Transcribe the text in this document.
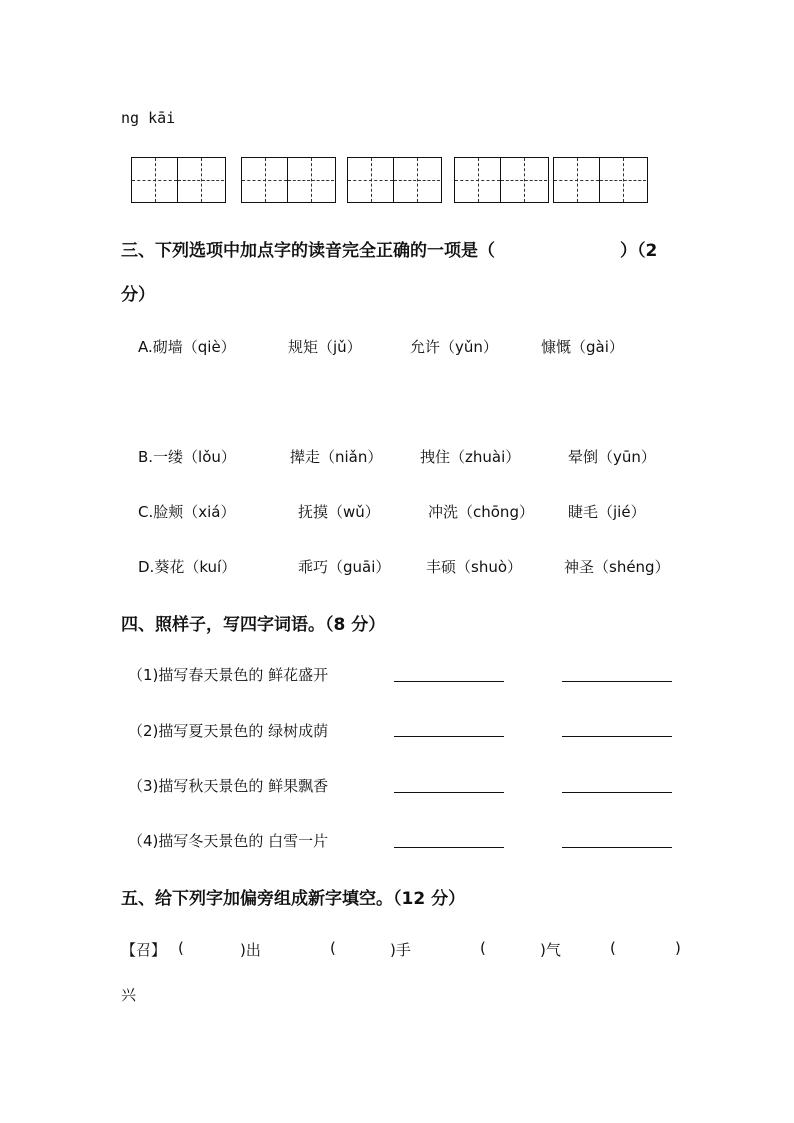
ng kāi
三、下列选项中加点字的读音完全正确的一项是（	）（2
分）
A.砌墙（qiè）	规矩（jǔ）	允许（yǔn）	慷慨（gài）
B.一缕（lǒu）	撵走（niǎn）	拽住（zhuài）	晕倒（yūn）
C.脸颊（xiá）	抚摸（wǔ）	冲洗（chōng） 睫毛（jié）
D.葵花（kuí）	乖巧（guāi） 丰硕（shuò）	神圣（shéng）
四、照样子，写四字词语。（8 分）
（1)描写春天景色的 鲜花盛开
（2)描写夏天景色的 绿树成荫
（3)描写秋天景色的 鲜果飘香
（4)描写冬天景色的 白雪一片
五、给下列字加偏旁组成新字填空。（12 分）
【召】 (	)出	(	)手	(	)气	(	)
兴
